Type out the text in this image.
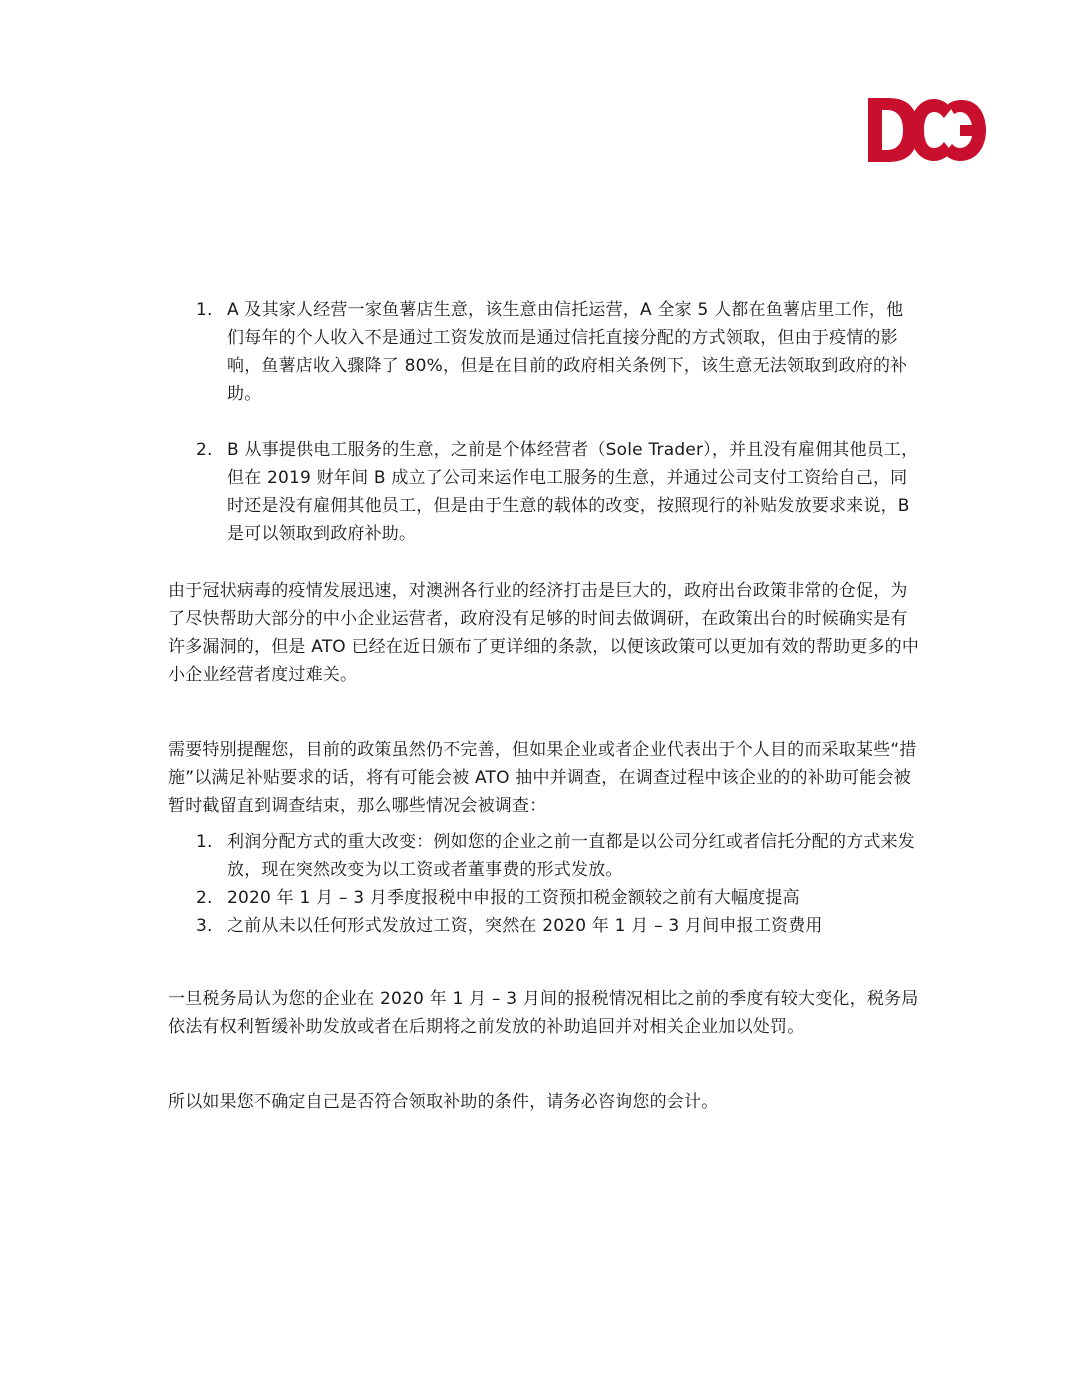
1. A 及其家人经营一家鱼薯店生意，该生意由信托运营，A 全家 5 人都在鱼薯店里工作，他们每年的个人收入不是通过工资发放而是通过信托直接分配的方式领取，但由于疫情的影响，鱼薯店收入骤降了 80%，但是在目前的政府相关条例下，该生意无法领取到政府的补助。
2. B 从事提供电工服务的生意，之前是个体经营者（Sole Trader），并且没有雇佣其他员工，但在 2019 财年间 B 成立了公司来运作电工服务的生意，并通过公司支付工资给自己，同时还是没有雇佣其他员工，但是由于生意的载体的改变，按照现行的补贴发放要求来说，B 是可以领取到政府补助。

由于冠状病毒的疫情发展迅速，对澳洲各行业的经济打击是巨大的，政府出台政策非常的仓促，为了尽快帮助大部分的中小企业运营者，政府没有足够的时间去做调研，在政策出台的时候确实是有许多漏洞的，但是 ATO 已经在近日颁布了更详细的条款，以便该政策可以更加有效的帮助更多的中小企业经营者度过难关。

需要特别提醒您，目前的政策虽然仍不完善，但如果企业或者企业代表出于个人目的而采取某些“措施”以满足补贴要求的话，将有可能会被 ATO 抽中并调查，在调查过程中该企业的的补助可能会被暂时截留直到调查结束，那么哪些情况会被调查：

1. 利润分配方式的重大改变：例如您的企业之前一直都是以公司分红或者信托分配的方式来发放，现在突然改变为以工资或者董事费的形式发放。
2. 2020 年 1 月 – 3 月季度报税中申报的工资预扣税金额较之前有大幅度提高
3. 之前从未以任何形式发放过工资，突然在 2020 年 1 月 – 3 月间申报工资费用

一旦税务局认为您的企业在 2020 年 1 月 – 3 月间的报税情况相比之前的季度有较大变化，税务局依法有权利暂缓补助发放或者在后期将之前发放的补助追回并对相关企业加以处罚。

所以如果您不确定自己是否符合领取补助的条件，请务必咨询您的会计。
